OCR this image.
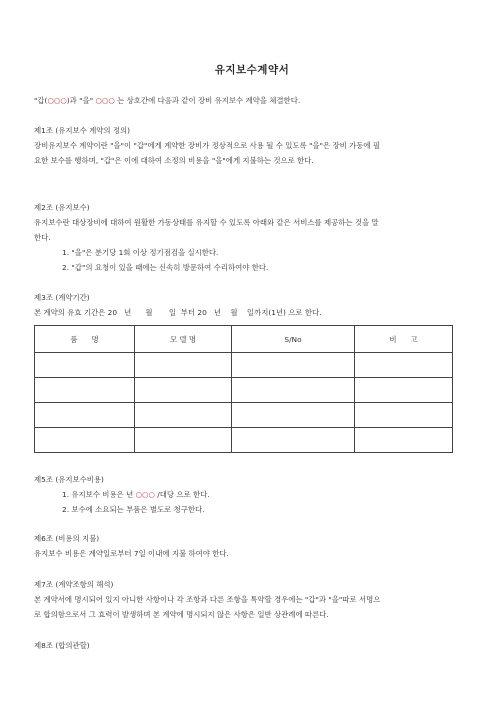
유지보수계약서
"갑(○○○)과 "을" ○○○ 는 상호간에 다음과 같이 장비 유지보수 계약을 체결한다.
제1조 (유지보수 계약의 정의)
장비유지보수 계약이란 "을"이 "갑"에게 계약한 장비가 정상적으로 사용 될 수 있도록 "을"은 장비 가동에 필
요한 보수를 행하며, "갑"은 이에 대하여 소정의 비용을 "을"에게 지불하는 것으로 한다.
제2조 (유지보수)
유지보수란 대상장비에 대하여 원활한 가동상태를 유지할 수 있도록 아래와 같은 서비스를 제공하는 것을 말
한다.
1. "을"은 분기당 1회 이상 정기점검을 실시한다.
2. "갑"의 요청이 있을 때에는 신속히 방문하여 수리하여야 한다.
제3조 (계약기간)
본 계약의 유효 기간은 20   년      월       일  부터 20   년    월    일까지(1년) 으로 한다.
품      명	모 델 명	S/No	비      고

제5조 (유지보수비용)
1. 유지보수 비용은 년 ○○○ /대당 으로 한다.
2. 보수에 소요되는 부품은 별도로 청구한다.
제6조 (비용의 지불)
유지보수 비용은 계약일로부터 7일 이내에 지불 하여야 한다.
제7조 (계약조항의 해석)
본 계약서에 명시되어 있지 아니한 사항이나 각 조항과 다른 조항을 특약할 경우에는 "갑"과 "을"따로 서명으
로 합의함으로서 그 효력이 발생하며 본 계약에 명시되지 않은 사항은 일반 상관례에 따른다.
제8조 (합의관할)
